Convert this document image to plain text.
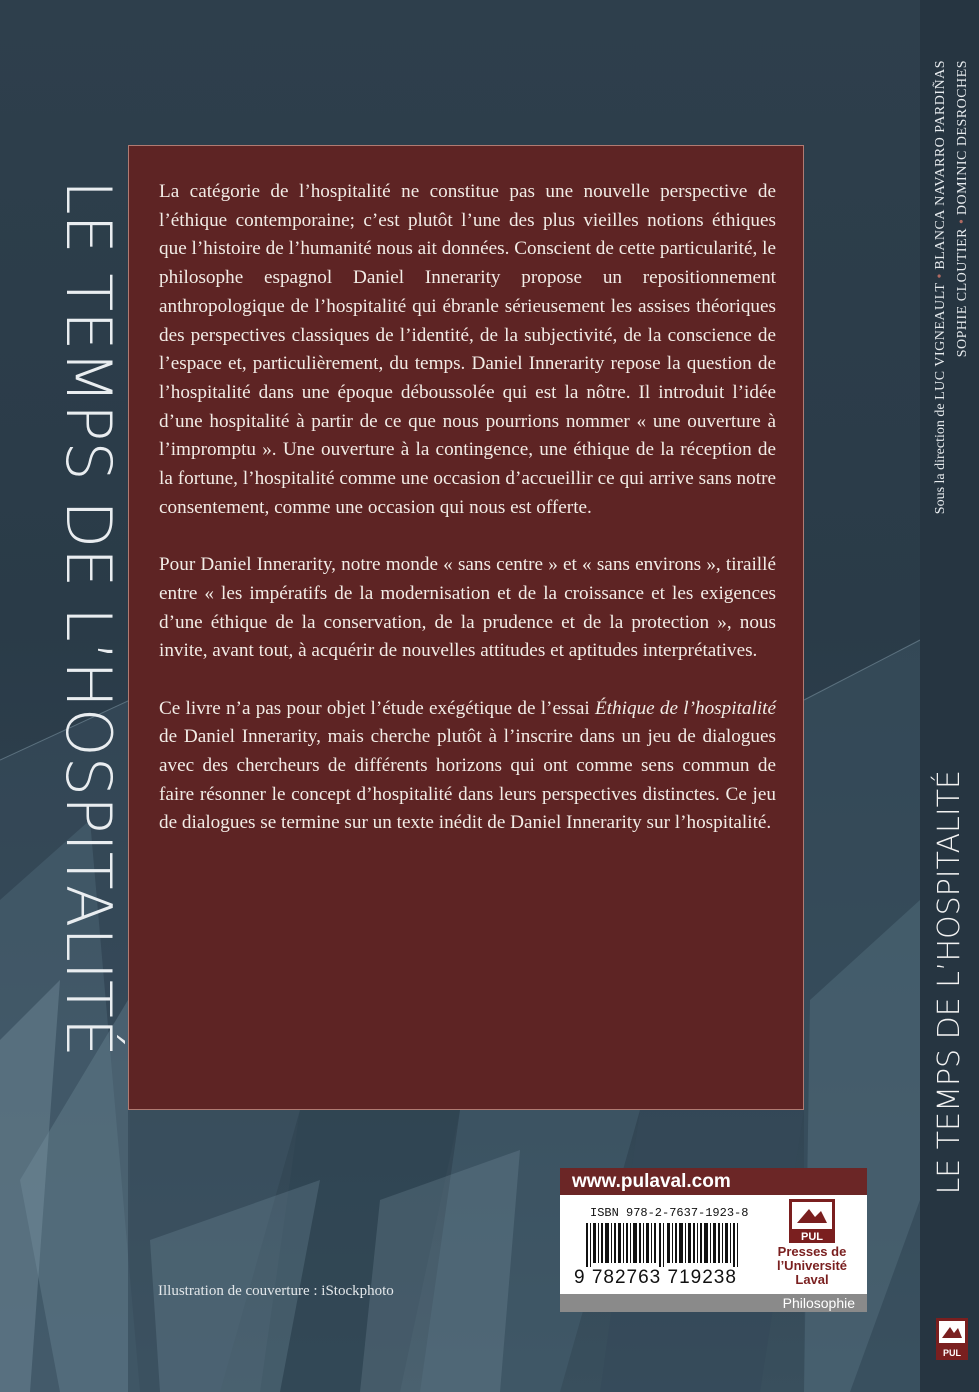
LE TEMPS DE L’HOSPITALITÉ La catégorie de l’hospitalité ne constitue pas une nouvelle perspective de l’éthique contemporaine; c’est plutôt l’une des plus vieilles notions éthiques que l’histoire de l’humanité nous ait données. Conscient de cette particularité, le philosophe espagnol Daniel Innerarity propose un repositionnement anthropologique de l’hospitalité qui ébranle sérieusement les assises théoriques des perspectives classiques de l’identité, de la subjectivité, de la conscience de l’espace et, particulièrement, du temps. Daniel Innerarity repose la question de l’hospitalité dans une époque déboussolée qui est la nôtre. Il introduit l’idée d’une hospitalité à partir de ce que nous pourrions nommer « une ouverture à l’impromptu ». Une ouverture à la contingence, une éthique de la réception de la fortune, l’hospitalité comme une occasion d’accueillir ce qui arrive sans notre consentement, comme une occasion qui nous est offerte.

Pour Daniel Innerarity, notre monde « sans centre » et « sans environs », tiraillé entre « les impératifs de la modernisation et de la croissance et les exigences d’une éthique de la conservation, de la prudence et de la protection », nous invite, avant tout, à acquérir de nouvelles attitudes et aptitudes interprétatives.

Ce livre n’a pas pour objet l’étude exégétique de l’essai Éthique de l’hospitalité de Daniel Innerarity, mais cherche plutôt à l’inscrire dans un jeu de dialogues avec des chercheurs de différents horizons qui ont comme sens commun de faire résonner le concept d’hospitalité dans leurs perspectives distinctes. Ce jeu de dialogues se termine sur un texte inédit de Daniel Innerarity sur l’hospitalité.

Illustration de couverture : iStockphoto
www.pulaval.com
ISBN 978-2-7637-1923-8
9 782763 719238
PUL
Presses de
l’Université
Laval
Philosophie
Sous la direction de LUC VIGNEAULT•BLANCA NAVARRO PARDIÑAS
SOPHIE CLOUTIER•DOMINIC DESROCHES
LE TEMPS DE L’HOSPITALITÉ
PUL
